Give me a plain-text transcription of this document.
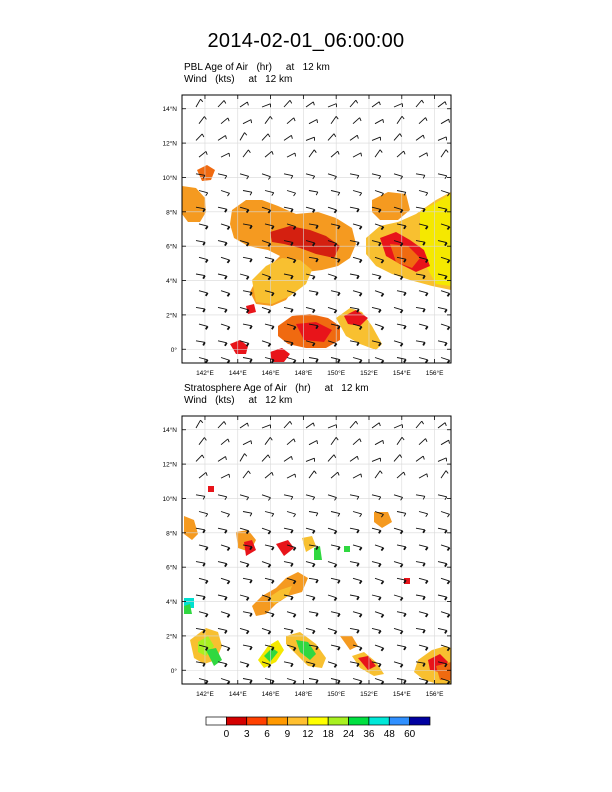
2014-02-01_06:00:00
PBL Age of Air   (hr)     at   12 km
Wind   (kts)     at   12 km
Stratosphere Age of Air   (hr)     at   12 km
Wind   (kts)     at   12 km
142°E 144°E 146°E 148°E 150°E 152°E 154°E 156°E
0°
2°N
4°N
6°N
8°N
10°N
12°N
14°N
142°E 144°E 146°E 148°E 150°E 152°E 154°E 156°E
0°
2°N
4°N
6°N
8°N
10°N
12°N
14°N
0 3 6 9 12 18 24 36 48 60
